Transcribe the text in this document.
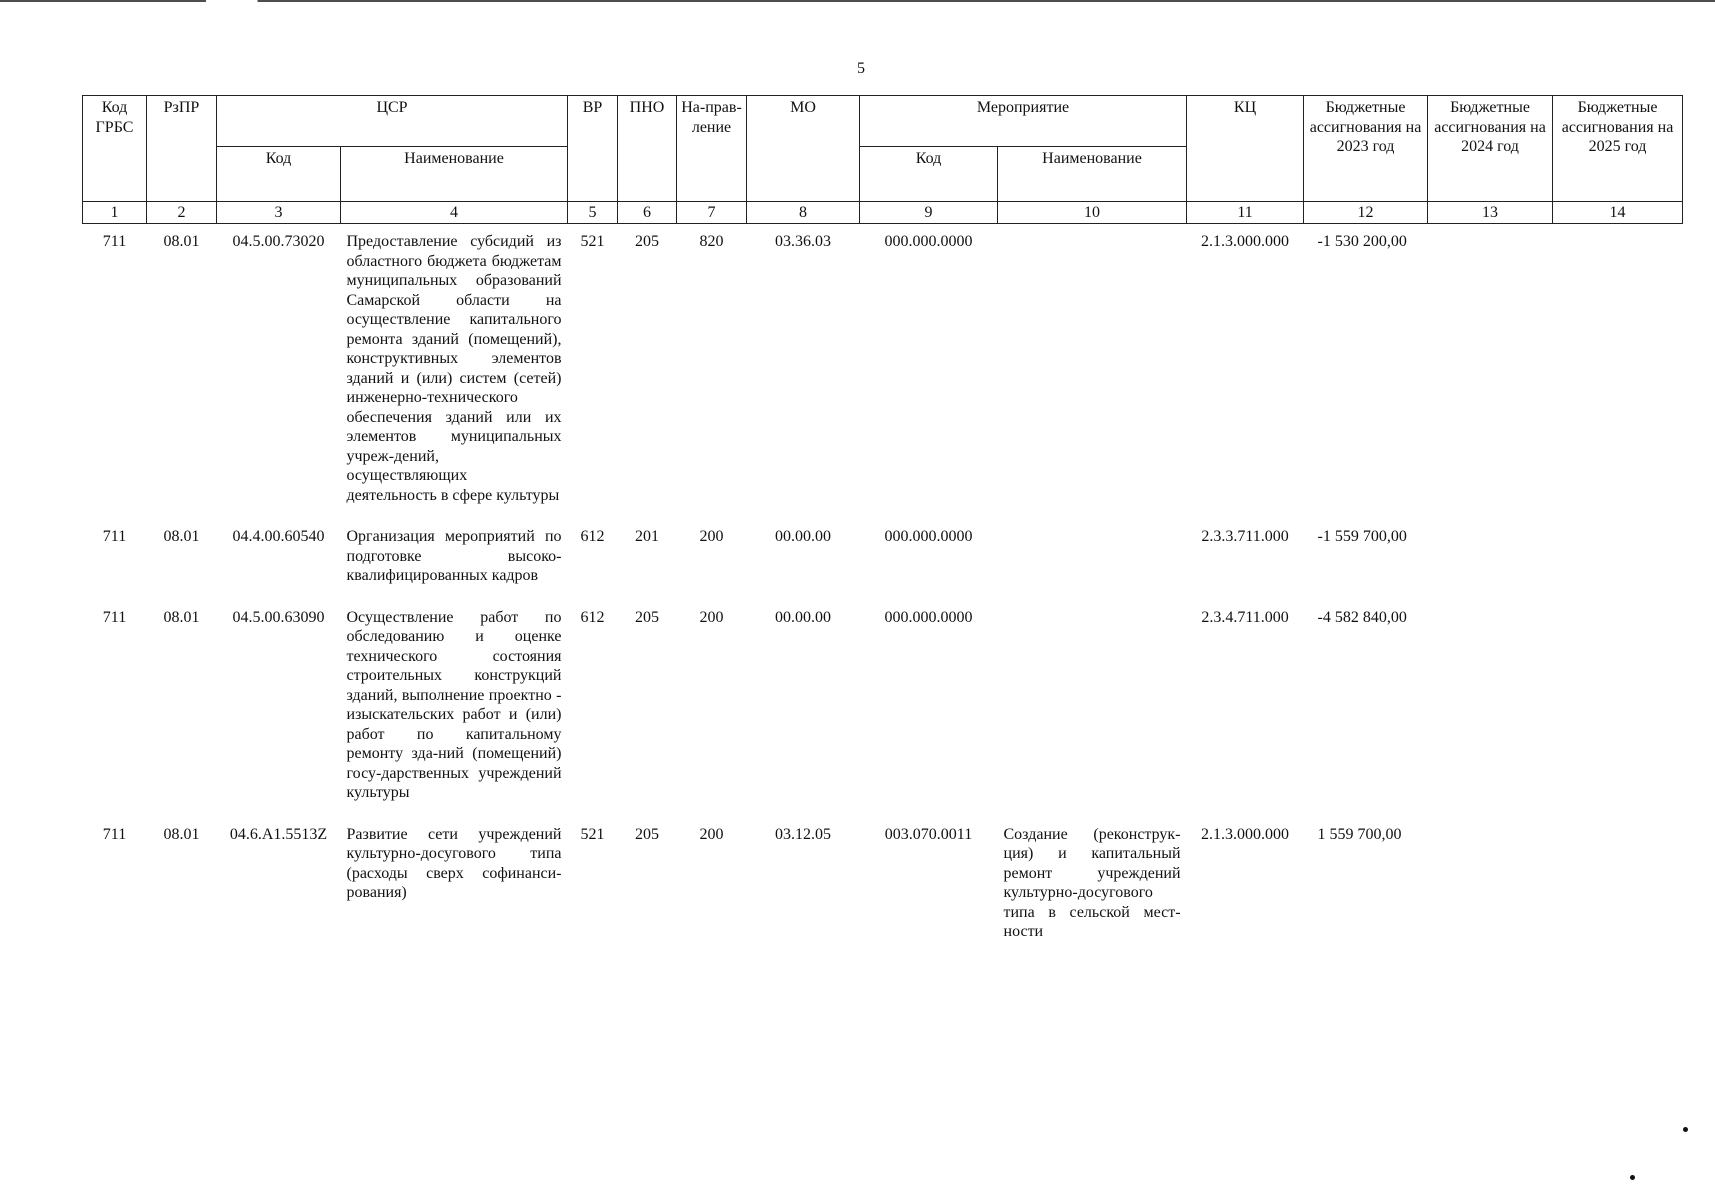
5
Код ГРБС	РзПР	ЦСР		ВР	ПНО	На-прав-ление	МО	Мероприятие		КЦ	Бюджетные ассигнования на 2023 год	Бюджетные ассигнования на 2024 год	Бюджетные ассигнования на 2025 год
		Код	Наименование					Код	Наименование				
1	2	3	4	5	6	7	8	9	10	11	12	13	14
711	08.01	04.5.00.73020	Предоставление субсидий из областного бюджета бюджетам муниципальных образований Самарской области на осуществление капитального ремонта зданий (помещений), конструктивных элементов зданий и (или) систем (сетей) инженерно-технического обеспечения зданий или их элементов муниципальных учреж-дений, осуществляющих деятельность в сфере культуры	521	205	820	03.36.03	000.000.0000		2.1.3.000.000	-1 530 200,00		
711	08.01	04.4.00.60540	Организация мероприятий по подготовке высоко-квалифицированных кадров	612	201	200	00.00.00	000.000.0000		2.3.3.711.000	-1 559 700,00		
711	08.01	04.5.00.63090	Осуществление работ по обследованию и оценке технического состояния строительных конструкций зданий, выполнение проектно - изыскательских работ и (или) работ по капитальному ремонту зда-ний (помещений) госу-дарственных учреждений культуры	612	205	200	00.00.00	000.000.0000		2.3.4.711.000	-4 582 840,00		
711	08.01	04.6.A1.5513Z	Развитие сети учреждений культурно-досугового типа (расходы сверх софинанси-рования)	521	205	200	03.12.05	003.070.0011	Создание (реконструк-ция) и капитальный ремонт учреждений культурно-досугового типа в сельской мест-ности	2.1.3.000.000	1 559 700,00		
